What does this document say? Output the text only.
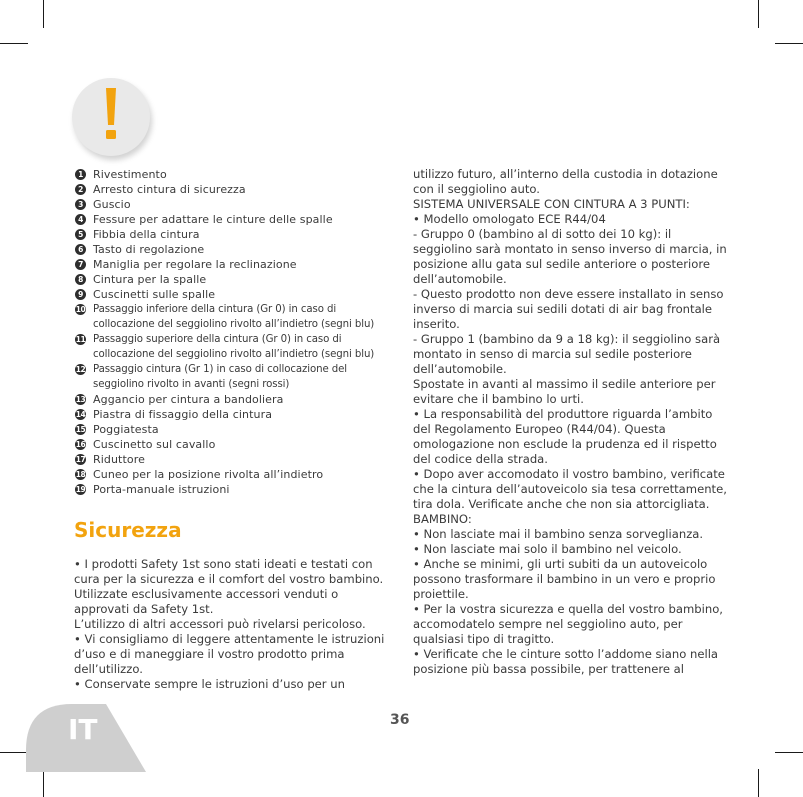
1 Rivestimento
2 Arresto cintura di sicurezza
3 Guscio
4 Fessure per adattare le cinture delle spalle
5 Fibbia della cintura
6 Tasto di regolazione
7 Maniglia per regolare la reclinazione
8 Cintura per la spalle
9 Cuscinetti sulle spalle
10 Passaggio inferiore della cintura (Gr 0) in caso di collocazione del seggiolino rivolto all’indietro (segni blu)
11 Passaggio superiore della cintura (Gr 0) in caso di collocazione del seggiolino rivolto all’indietro (segni blu)
12 Passaggio cintura (Gr 1) in caso di collocazione del seggiolino rivolto in avanti (segni rossi)
13 Aggancio per cintura a bandoliera
14 Piastra di fissaggio della cintura
15 Poggiatesta
16 Cuscinetto sul cavallo
17 Riduttore
18 Cuneo per la posizione rivolta all’indietro
19 Porta-manuale istruzioni
Sicurezza

• I prodotti Safety 1st sono stati ideati e testati con cura per la sicurezza e il comfort del vostro bambino. Utilizzate esclusivamente accessori venduti o approvati da Safety 1st.

L’utilizzo di altri accessori può rivelarsi pericoloso.

• Vi consigliamo di leggere attentamente le istruzioni d’uso e di maneggiare il vostro prodotto prima dell’utilizzo.

• Conservate sempre le istruzioni d’uso per un

utilizzo futuro, all’interno della custodia in dotazione con il seggiolino auto.

SISTEMA UNIVERSALE CON CINTURA A 3 PUNTI:

• Modello omologato ECE R44/04

- Gruppo 0 (bambino al di sotto dei 10 kg): il seggiolino sarà montato in senso inverso di marcia, in posizione allu gata sul sedile anteriore o posteriore dell’automobile.

- Questo prodotto non deve essere installato in senso inverso di marcia sui sedili dotati di air bag frontale inserito.

- Gruppo 1 (bambino da 9 a 18 kg): il seggiolino sarà montato in senso di marcia sul sedile posteriore dell’automobile.

Spostate in avanti al massimo il sedile anteriore per evitare che il bambino lo urti.

• La responsabilità del produttore riguarda l’ambito del Regolamento Europeo (R44/04). Questa omologazione non esclude la prudenza ed il rispetto del codice della strada.

• Dopo aver accomodato il vostro bambino, verificate che la cintura dell’autoveicolo sia tesa correttamente, tira dola. Verificate anche che non sia attorcigliata.

BAMBINO:

• Non lasciate mai il bambino senza sorveglianza.

• Non lasciate mai solo il bambino nel veicolo.

• Anche se minimi, gli urti subiti da un autoveicolo possono trasformare il bambino in un vero e proprio proiettile.

• Per la vostra sicurezza e quella del vostro bambino, accomodatelo sempre nel seggiolino auto, per qualsiasi tipo di tragitto.

• Verificate che le cinture sotto l’addome siano nella posizione più bassa possibile, per trattenere al

36
IT
